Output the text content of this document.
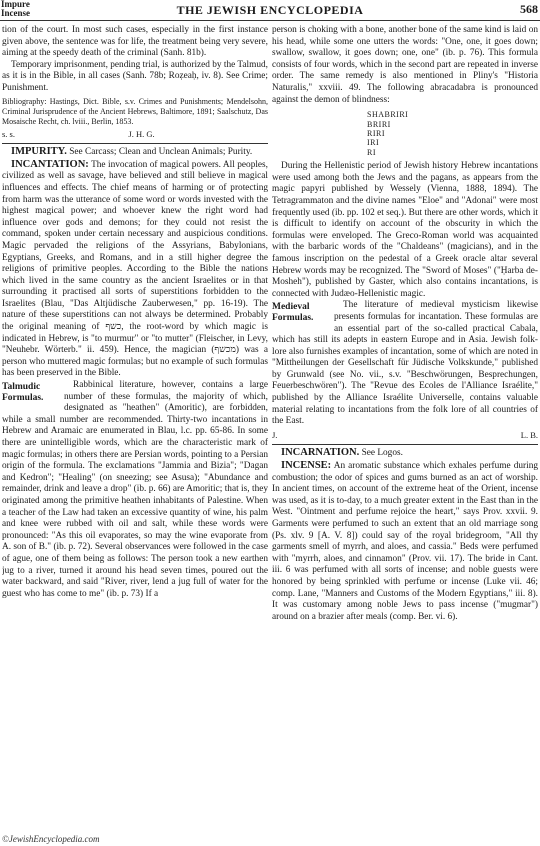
Impure
Incense	THE JEWISH ENCYCLOPEDIA	568

tion of the court. In most such cases, especially in the first instance given above, the sentence was for life, the treatment being very severe, aiming at the speedy death of the criminal (Sanh. 81b).

Temporary imprisonment, pending trial, is authorized by the Talmud, as it is in the Bible, in all cases (Sanh. 78b; Roẓeaḥ, iv. 8). See Crime; Punishment.

Bibliography: Hastings, Dict. Bible, s.v. Crimes and Punishments; Mendelsohn, Criminal Jurisprudence of the Ancient Hebrews, Baltimore, 1891; Saalschutz, Das Mosaische Recht, ch. lviii., Berlin, 1853.

s. s.	J. H. G.

IMPURITY. See Carcass; Clean and Unclean Animals; Purity.

INCANTATION: The invocation of magical powers. All peoples, civilized as well as savage, have believed and still believe in magical influences and effects. The chief means of harming or of protecting from harm was the utterance of some word or words invested with the highest magical power; and whoever knew the right word had influence over gods and demons; for they could not resist the command, spoken under certain necessary and auspicious conditions. Magic pervaded the religions of the Assyrians, Babylonians, Egyptians, Greeks, and Romans, and in a still higher degree the religions of primitive peoples. According to the Bible the nations which lived in the same country as the ancient Israelites or in that surrounding it practised all sorts of superstitions forbidden to the Israelites (Blau, "Das Altjüdische Zauberwesen," pp. 16-19). The nature of these superstitions can not always be determined. Probably the original meaning of כשף, the root-word by which magic is indicated in Hebrew, is "to murmur" or "to mutter" (Fleischer, in Levy, "Neuhebr. Wörterb." ii. 459). Hence, the magician (מכשף) was a person who muttered magic formulas; but no example of such formulas has been preserved in the Bible.

Talmudic Formulas.
Rabbinical literature, however, contains a large number of these formulas, the majority of which, designated as "heathen" (Amoritic), are forbidden, while a small number are recommended. Thirty-two incantations in Hebrew and Aramaic are enumerated in Blau, l.c. pp. 65-86. In some there are unintelligible words, which are the characteristic mark of magic formulas; in others there are Persian words, pointing to a Persian origin of the formula. The exclamations "Jammia and Bizia"; "Dagan and Kedron"; "Healing" (on sneezing; see Asusa); "Abundance and remainder, drink and leave a drop" (ib. p. 66) are Amoritic; that is, they originated among the primitive heathen inhabitants of Palestine. When a teacher of the Law had taken an excessive quantity of wine, his palm and knee were rubbed with oil and salt, while these words were pronounced: "As this oil evaporates, so may the wine evaporate from A. son of B." (ib. p. 72). Several observances were followed in the case of ague, one of them being as follows: The person took a new earthen jug to a river, turned it around his head seven times, poured out the water backward, and said "River, river, lend a jug full of water for the guest who has come to me" (ib. p. 73) If a

person is choking with a bone, another bone of the same kind is laid on his head, while some one utters the words: "One, one, it goes down; swallow, swallow, it goes down; one, one" (ib. p. 76). This formula consists of four words, which in the second part are repeated in inverse order. The same remedy is also mentioned in Pliny's "Historia Naturalis," xxviii. 49. The following abracadabra is pronounced against the demon of blindness:

SHABRIRI
BRIRI
RIRI
IRI
RI

During the Hellenistic period of Jewish history Hebrew incantations were used among both the Jews and the pagans, as appears from the magic papyri published by Wessely (Vienna, 1888, 1894). The Tetragrammaton and the divine names "Eloe" and "Adonai" were most frequently used (ib. pp. 102 et seq.). But there are other words, which it is difficult to identify on account of the obscurity in which the formulas were enveloped. The Greco-Roman world was acquainted with the barbaric words of the "Chaldeans" (magicians), and in the famous inscription on the pedestal of a Greek oracle altar several Hebrew words may be recognized. The "Sword of Moses" ("Ḥarba de-Mosheh"), published by Gaster, which also contains incantations, is connected with Judæo-Hellenistic magic.

Medieval Formulas.
The literature of medieval mysticism likewise presents formulas for incantation. These formulas are an essential part of the so-called practical Cabala, which has still its adepts in eastern Europe and in Asia. Jewish folk-lore also furnishes examples of incantation, some of which are noted in "Mittheilungen der Gesellschaft für Jüdische Volkskunde," published by Grunwald (see No. vii., s.v. "Beschwörungen, Besprechungen, Feuerbeschwören"). The "Revue des Ecoles de l'Alliance Israélite," published by the Alliance Israélite Universelle, contains valuable material relating to incantations from the folk lore of all countries of the East.

J.	L. B.

INCARNATION. See Logos.

INCENSE: An aromatic substance which exhales perfume during combustion; the odor of spices and gums burned as an act of worship. In ancient times, on account of the extreme heat of the Orient, incense was used, as it is to-day, to a much greater extent in the East than in the West. "Ointment and perfume rejoice the heart," says Prov. xxvii. 9. Garments were perfumed to such an extent that an old marriage song (Ps. xlv. 9 [A. V. 8]) could say of the royal bridegroom, "All thy garments smell of myrrh, and aloes, and cassia." Beds were perfumed with "myrrh, aloes, and cinnamon" (Prov. vii. 17). The bride in Cant. iii. 6 was perfumed with all sorts of incense; and noble guests were honored by being sprinkled with perfume or incense (Luke vii. 46; comp. Lane, "Manners and Customs of the Modern Egyptians," iii. 8). It was customary among noble Jews to pass incense ("mugmar") around on a brazier after meals (comp. Ber. vi. 6).

©JewishEncyclopedia.com
